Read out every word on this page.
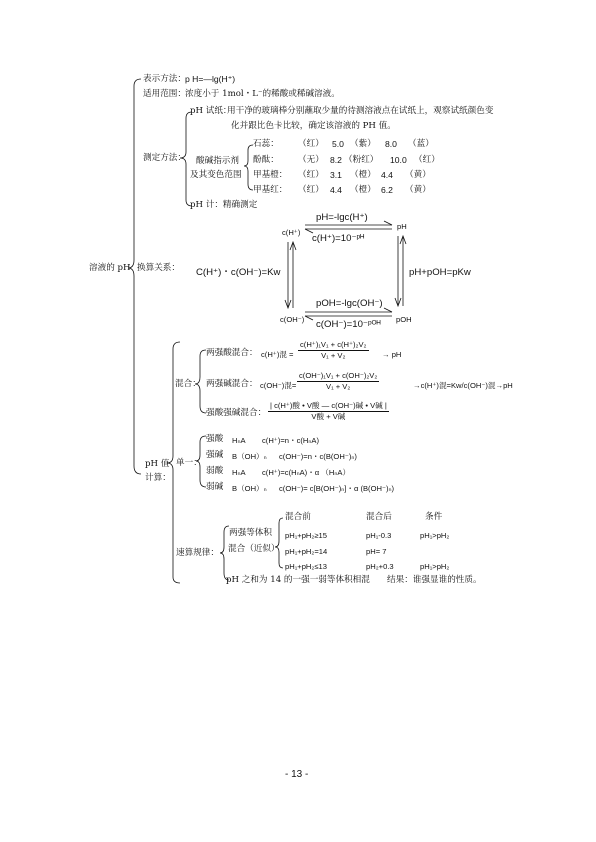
溶液的 pH
表示方法： p H=—lg(H⁺)
适用范围： 浓度小于 1mol・L⁻的稀酸或稀碱溶液。
测定方法：
pH 试纸：
用干净的玻璃棒分别蘸取少量的待测溶液点在试纸上，观察试纸颜色变
化并跟比色卡比较，确定该溶液的 PH 值。
酸碱指示剂
及其变色范围
石蕊： （红） 5.0 （紫） 8.0 （蓝）
酚酞： （无） 8.2 （粉红） 10.0 （红）
甲基橙： （红） 3.1 （橙） 4.4 （黄）
甲基红： （红） 4.4 （橙） 6.2 （黄）
pH 计：精确测定
换算关系：
pH=-lgc(H⁺)
c(H⁺)=10⁻ᵖᴴ
c(H⁺)
pH
C(H⁺)・c(OH⁻)=Kw	pH+pOH=pKw
pOH=-lgc(OH⁻)
c(OH⁻)=10⁻ᵖᴼᴴ
c(OH⁻)	pOH
pH 值
计算：
混合：
两强酸混合： c(H⁺)混 = $\frac{\text{c(H⁺)₁V₁ + c(H⁺)₂V₂}}{\text{V₁ + V₂}}$ → pH
两强碱混合： c(OH⁻)混= $\frac{\text{c(OH⁻)₁V₁ + c(OH⁻)₂V₂}}{\text{V₁ + V₂}}$	→c(H⁺)混=Kw/c(OH⁻)混→pH
强酸强碱混合：
| c(H⁺)酸 • V酸 — c(OH⁻)碱 • V碱 |
V酸 + V碱
单一：
强酸 HₙA c(H⁺)=n・c(HₙA)
强碱 B（OH）ₙ c(OH⁻)=n・c(B(OH⁻)ₙ)
弱酸 HₙA c(H⁺)=c(HₙA)・α （HₙA）
弱碱 B（OH）ₙ c(OH⁻)= c[B(OH⁻)ₙ]・α (B(OH⁻)ₙ)
速算规律：
混合前	混合后	条件
两强等体积
混合（近似）
pH₁+pH₂≥15	pH₁-0.3	pH₁>pH₂
pH₁+pH₂=14	pH= 7
pH₁+pH₂≤13	pH₂+0.3	pH₁>pH₂
pH 之和为 14 的一强一弱等体积相混　　结果：谁强显谁的性质。
- 13 -
